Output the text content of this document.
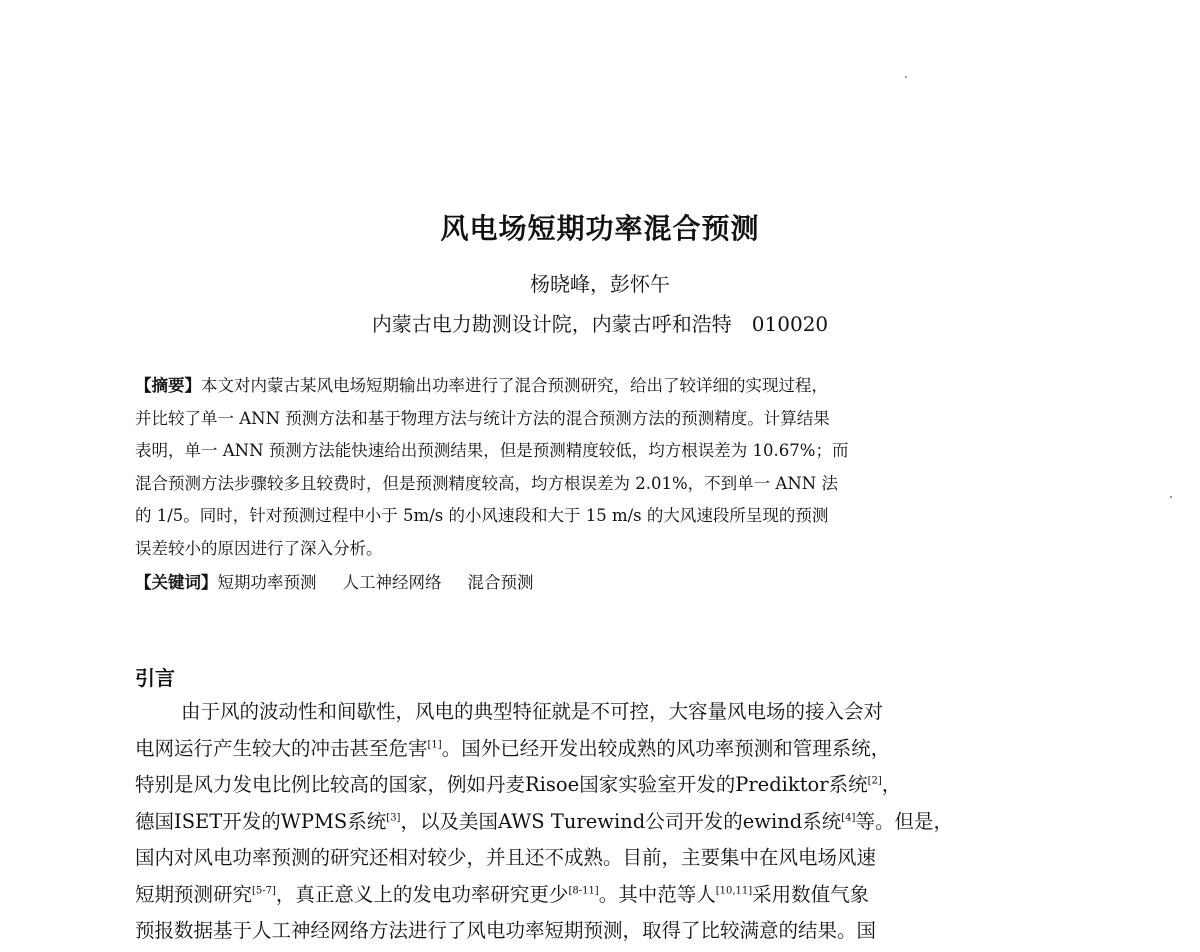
风电场短期功率混合预测
杨晓峰，彭怀午
内蒙古电力勘测设计院，内蒙古呼和浩特　010020
【摘要】本文对内蒙古某风电场短期输出功率进行了混合预测研究，给出了较详细的实现过程，
并比较了单一 ANN 预测方法和基于物理方法与统计方法的混合预测方法的预测精度。计算结果
表明，单一 ANN 预测方法能快速给出预测结果，但是预测精度较低，均方根误差为 10.67%；而
混合预测方法步骤较多且较费时，但是预测精度较高，均方根误差为 2.01%，不到单一 ANN 法
的 1/5。同时，针对预测过程中小于 5m/s 的小风速段和大于 15 m/s 的大风速段所呈现的预测
误差较小的原因进行了深入分析。
【关键词】短期功率预测 人工神经网络 混合预测
引言
由于风的波动性和间歇性，风电的典型特征就是不可控，大容量风电场的接入会对
电网运行产生较大的冲击甚至危害[1]。国外已经开发出较成熟的风功率预测和管理系统，
特别是风力发电比例比较高的国家，例如丹麦Risoe国家实验室开发的Prediktor系统[2]，
德国ISET开发的WPMS系统[3]，以及美国AWS Turewind公司开发的ewind系统[4]等。但是，
国内对风电功率预测的研究还相对较少，并且还不成熟。目前，主要集中在风电场风速
短期预测研究[5-7]，真正意义上的发电功率研究更少[8-11]。其中范等人[10,11]采用数值气象
预报数据基于人工神经网络方法进行了风电功率短期预测，取得了比较满意的结果。国
